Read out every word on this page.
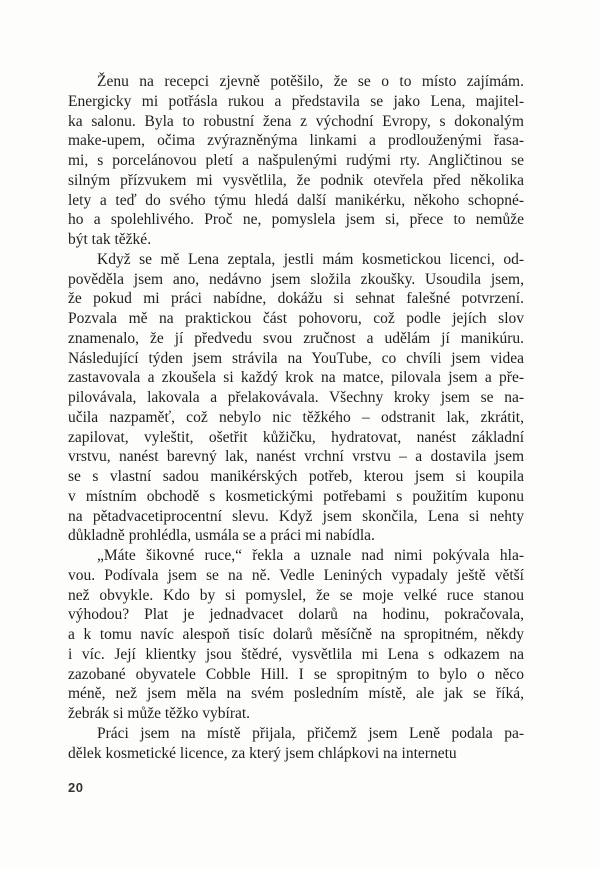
Ženu na recepci zjevně potěšilo, že se o to místo zajímám.
Energicky mi potřásla rukou a představila se jako Lena, majitel-
ka salonu. Byla to robustní žena z východní Evropy, s dokonalým
make-upem, očima zvýrazněnýma linkami a prodlouženými řasa-
mi, s porcelánovou pletí a našpulenými rudými rty. Angličtinou se
silným přízvukem mi vysvětlila, že podnik otevřela před několika
lety a teď do svého týmu hledá další manikérku, někoho schopné-
ho a spolehlivého. Proč ne, pomyslela jsem si, přece to nemůže
být tak těžké.
Když se mě Lena zeptala, jestli mám kosmetickou licenci, od-
pověděla jsem ano, nedávno jsem složila zkoušky. Usoudila jsem,
že pokud mi práci nabídne, dokážu si sehnat falešné potvrzení.
Pozvala mě na praktickou část pohovoru, což podle jejích slov
znamenalo, že jí předvedu svou zručnost a udělám jí manikúru.
Následující týden jsem strávila na YouTube, co chvíli jsem videa
zastavovala a zkoušela si každý krok na matce, pilovala jsem a pře-
pilovávala, lakovala a přelakovávala. Všechny kroky jsem se na-
učila nazpaměť, což nebylo nic těžkého – odstranit lak, zkrátit,
zapilovat, vyleštit, ošetřit kůžičku, hydratovat, nanést základní
vrstvu, nanést barevný lak, nanést vrchní vrstvu – a dostavila jsem
se s vlastní sadou manikérských potřeb, kterou jsem si koupila
v místním obchodě s kosmetickými potřebami s použitím kuponu
na pětadvacetiprocentní slevu. Když jsem skončila, Lena si nehty
důkladně prohlédla, usmála se a práci mi nabídla.
„Máte šikovné ruce,“ řekla a uznale nad nimi pokývala hla-
vou. Podívala jsem se na ně. Vedle Leniných vypadaly ještě větší
než obvykle. Kdo by si pomyslel, že se moje velké ruce stanou
výhodou? Plat je jednadvacet dolarů na hodinu, pokračovala,
a k tomu navíc alespoň tisíc dolarů měsíčně na spropitném, někdy
i víc. Její klientky jsou štědré, vysvětlila mi Lena s odkazem na
zazobané obyvatele Cobble Hill. I se spropitným to bylo o něco
méně, než jsem měla na svém posledním místě, ale jak se říká,
žebrák si může těžko vybírat.
Práci jsem na místě přijala, přičemž jsem Leně podala pa-
dělek kosmetické licence, za který jsem chlápkovi na internetu
20
